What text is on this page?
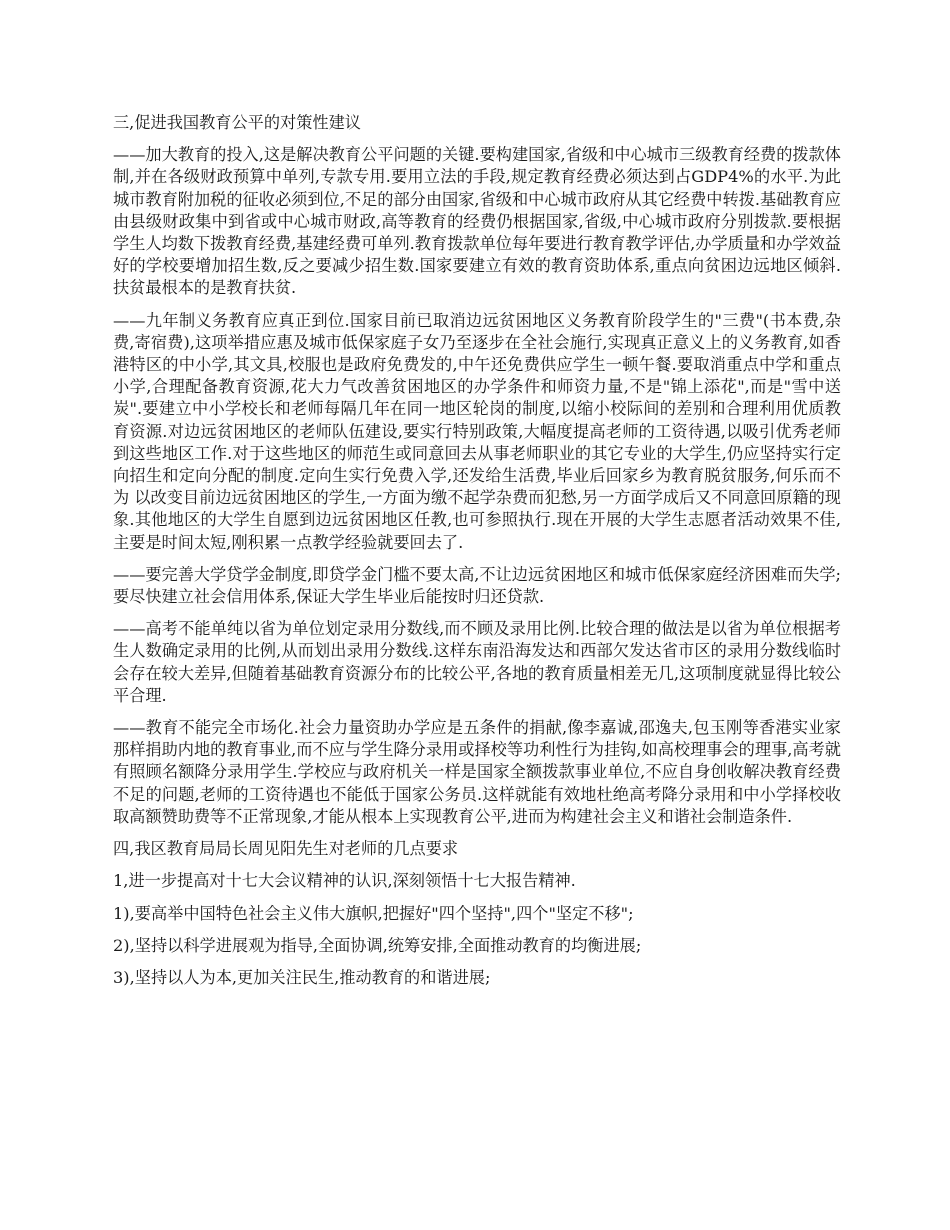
三,促进我国教育公平的对策性建议

——加大教育的投入,这是解决教育公平问题的关键.要构建国家,省级和中心城市三级教育经费的拨款体制,并在各级财政预算中单列,专款专用.要用立法的手段,规定教育经费必须达到占GDP4%的水平.为此城市教育附加税的征收必须到位,不足的部分由国家,省级和中心城市政府从其它经费中转拨.基础教育应由县级财政集中到省或中心城市财政,高等教育的经费仍根据国家,省级,中心城市政府分别拨款.要根据学生人均数下拨教育经费,基建经费可单列.教育拨款单位每年要进行教育教学评估,办学质量和办学效益好的学校要增加招生数,反之要减少招生数.国家要建立有效的教育资助体系,重点向贫困边远地区倾斜.扶贫最根本的是教育扶贫.

——九年制义务教育应真正到位.国家目前已取消边远贫困地区义务教育阶段学生的"三费"(书本费,杂费,寄宿费),这项举措应惠及城市低保家庭子女乃至逐步在全社会施行,实现真正意义上的义务教育,如香港特区的中小学,其文具,校服也是政府免费发的,中午还免费供应学生一顿午餐.要取消重点中学和重点小学,合理配备教育资源,花大力气改善贫困地区的办学条件和师资力量,不是"锦上添花",而是"雪中送炭".要建立中小学校长和老师每隔几年在同一地区轮岗的制度,以缩小校际间的差别和合理利用优质教育资源.对边远贫困地区的老师队伍建设,要实行特别政策,大幅度提高老师的工资待遇,以吸引优秀老师到这些地区工作.对于这些地区的师范生或同意回去从事老师职业的其它专业的大学生,仍应坚持实行定向招生和定向分配的制度.定向生实行免费入学,还发给生活费,毕业后回家乡为教育脱贫服务,何乐而不为 以改变目前边远贫困地区的学生,一方面为缴不起学杂费而犯愁,另一方面学成后又不同意回原籍的现象.其他地区的大学生自愿到边远贫困地区任教,也可参照执行.现在开展的大学生志愿者活动效果不佳,主要是时间太短,刚积累一点教学经验就要回去了.

——要完善大学贷学金制度,即贷学金门槛不要太高,不让边远贫困地区和城市低保家庭经济困难而失学;要尽快建立社会信用体系,保证大学生毕业后能按时归还贷款.

——高考不能单纯以省为单位划定录用分数线,而不顾及录用比例.比较合理的做法是以省为单位根据考生人数确定录用的比例,从而划出录用分数线.这样东南沿海发达和西部欠发达省市区的录用分数线临时会存在较大差异,但随着基础教育资源分布的比较公平,各地的教育质量相差无几,这项制度就显得比较公平合理.

——教育不能完全市场化.社会力量资助办学应是五条件的捐献,像李嘉诚,邵逸夫,包玉刚等香港实业家那样捐助内地的教育事业,而不应与学生降分录用或择校等功利性行为挂钩,如高校理事会的理事,高考就有照顾名额降分录用学生.学校应与政府机关一样是国家全额拨款事业单位,不应自身创收解决教育经费不足的问题,老师的工资待遇也不能低于国家公务员.这样就能有效地杜绝高考降分录用和中小学择校收取高额赞助费等不正常现象,才能从根本上实现教育公平,进而为构建社会主义和谐社会制造条件.

四,我区教育局局长周见阳先生对老师的几点要求

1,进一步提高对十七大会议精神的认识,深刻领悟十七大报告精神.

1),要高举中国特色社会主义伟大旗帜,把握好"四个坚持",四个"坚定不移";

2),坚持以科学进展观为指导,全面协调,统筹安排,全面推动教育的均衡进展;

3),坚持以人为本,更加关注民生,推动教育的和谐进展;
